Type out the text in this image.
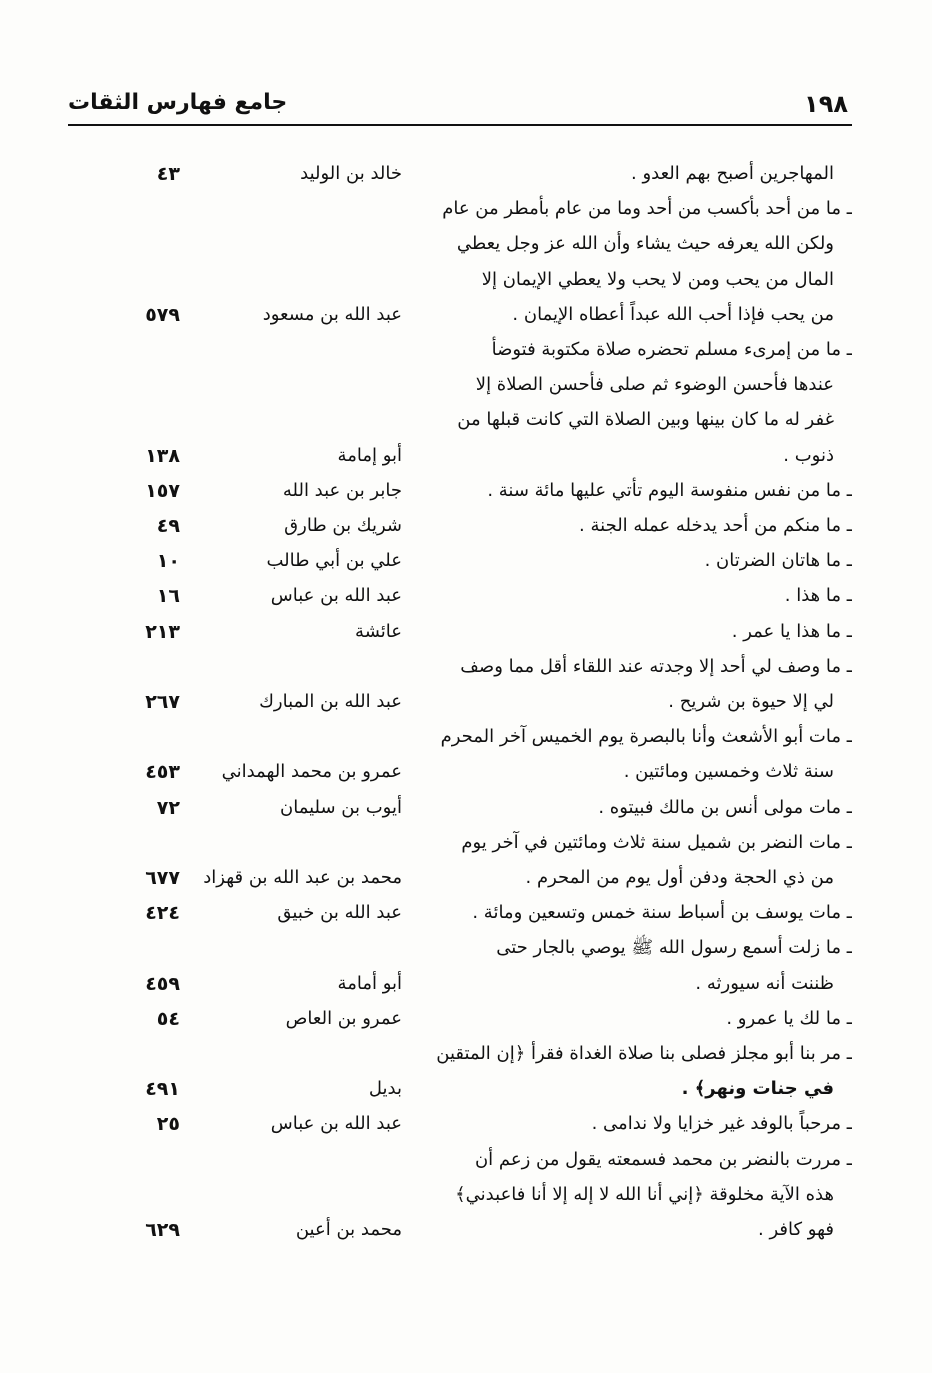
١٩٨
جامع فهارس الثقات
المهاجرين أصبح بهم العدو .
خالد بن الوليد
٤٣
ـ ما من أحد بأكسب من أحد وما من عام بأمطر من عام
ولكن الله يعرفه حيث يشاء وأن الله عز وجل يعطي
المال من يحب ومن لا يحب ولا يعطي الإيمان إلا
من يحب فإذا أحب الله عبداً أعطاه الإيمان .
عبد الله بن مسعود
٥٧٩
ـ ما من إمرىء مسلم تحضره صلاة مكتوبة فتوضأ
عندها فأحسن الوضوء ثم صلى فأحسن الصلاة إلا
غفر له ما كان بينها وبين الصلاة التي كانت قبلها من
ذنوب .
أبو إمامة
١٣٨
ـ ما من نفس منفوسة اليوم تأتي عليها مائة سنة .
جابر بن عبد الله
١٥٧
ـ ما منكم من أحد يدخله عمله الجنة .
شريك بن طارق
٤٩
ـ ما هاتان الضرتان .
علي بن أبي طالب
١٠
ـ ما هذا .
عبد الله بن عباس
١٦
ـ ما هذا يا عمر .
عائشة
٢١٣
ـ ما وصف لي أحد إلا وجدته عند اللقاء أقل مما وصف
لي إلا حيوة بن شريح .
عبد الله بن المبارك
٢٦٧
ـ مات أبو الأشعث وأنا بالبصرة يوم الخميس آخر المحرم
سنة ثلاث وخمسين ومائتين .
عمرو بن محمد الهمداني
٤٥٣
ـ مات مولى أنس بن مالك فبيتوه .
أيوب بن سليمان
٧٢
ـ مات النضر بن شميل سنة ثلاث ومائتين في آخر يوم
من ذي الحجة ودفن أول يوم من المحرم .
محمد بن عبد الله بن قهزاد
٦٧٧
ـ مات يوسف بن أسباط سنة خمس وتسعين ومائة .
عبد الله بن خبيق
٤٢٤
ـ ما زلت أسمع رسول الله ﷺ يوصي بالجار حتى
ظننت أنه سيورثه .
أبو أمامة
٤٥٩
ـ ما لك يا عمرو .
عمرو بن العاص
٥٤
ـ مر بنا أبو مجلز فصلى بنا صلاة الغداة فقرأ ﴿إن المتقين
في جنات ونهر﴾ .
بديل
٤٩١
ـ مرحباً بالوفد غير خزايا ولا ندامى .
عبد الله بن عباس
٢٥
ـ مررت بالنضر بن محمد فسمعته يقول من زعم أن
هذه الآية مخلوقة ﴿إني أنا الله لا إله إلا أنا فاعبدني﴾
فهو كافر .
محمد بن أعين
٦٢٩
